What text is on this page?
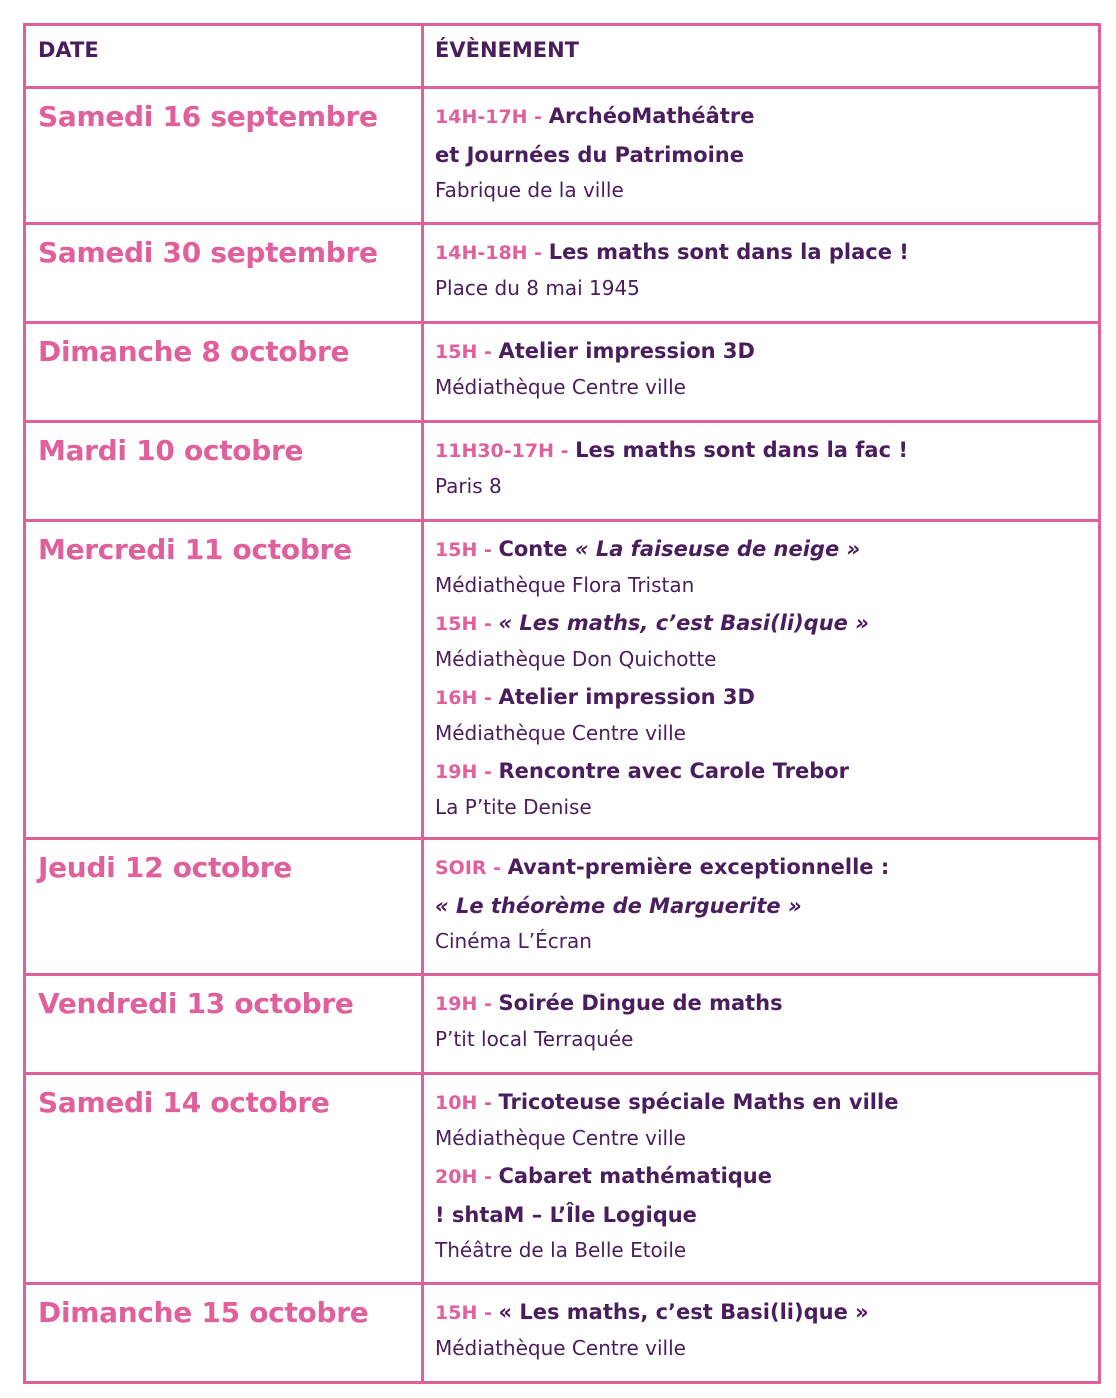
DATE	ÉVÈNEMENT
Samedi 16 septembre	14H-17H - ArchéoMathéâtre
et Journées du Patrimoine
Fabrique de la ville
Samedi 30 septembre	14H-18H - Les maths sont dans la place !
Place du 8 mai 1945
Dimanche 8 octobre	15H - Atelier impression 3D
Médiathèque Centre ville
Mardi 10 octobre	11H30-17H - Les maths sont dans la fac !
Paris 8
Mercredi 11 octobre	15H - Conte « La faiseuse de neige »
Médiathèque Flora Tristan
15H - « Les maths, c’est Basi(li)que »
Médiathèque Don Quichotte
16H - Atelier impression 3D
Médiathèque Centre ville
19H - Rencontre avec Carole Trebor
La P’tite Denise
Jeudi 12 octobre	SOIR - Avant-première exceptionnelle :
« Le théorème de Marguerite »
Cinéma L’Écran
Vendredi 13 octobre	19H - Soirée Dingue de maths
P’tit local Terraquée
Samedi 14 octobre	10H - Tricoteuse spéciale Maths en ville
Médiathèque Centre ville
20H - Cabaret mathématique
! shtaM – L’Île Logique
Théâtre de la Belle Etoile
Dimanche 15 octobre	15H - « Les maths, c’est Basi(li)que »
Médiathèque Centre ville
